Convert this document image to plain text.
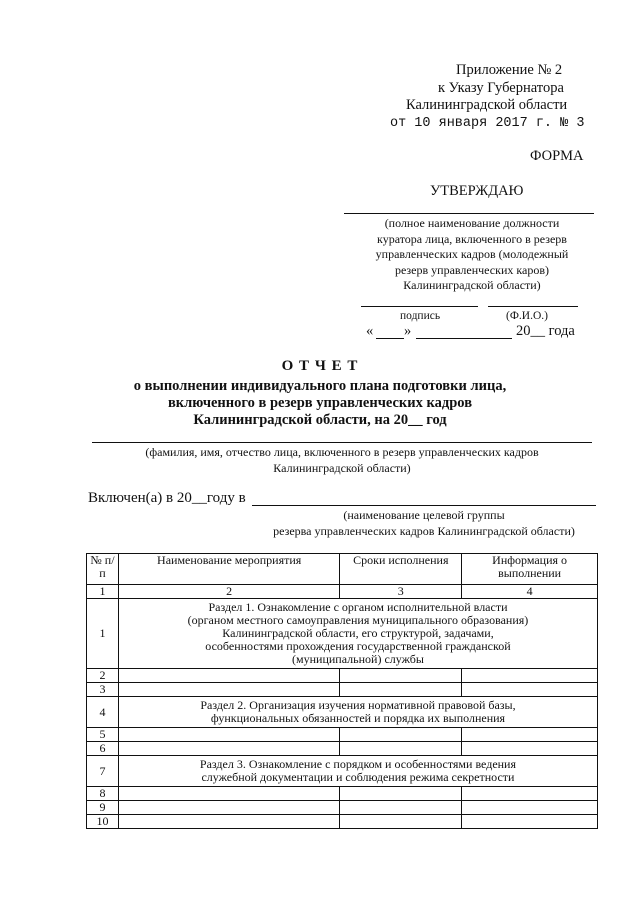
Приложение № 2
к Указу Губернатора
Калининградской области
от 10 января 2017 г. № 3
ФОРМА
УТВЕРЖДАЮ
(полное наименование должности
куратора лица, включенного в резерв
управленческих кадров (молодежный
резерв управленческих каров)
Калининградской области)
подпись	(Ф.И.О.)
« »	20__ года
О Т Ч Е Т
о выполнении индивидуального плана подготовки лица,
включенного в резерв управленческих кадров
Калининградской области, на 20__ год
(фамилия, имя, отчество лица, включенного в резерв управленческих кадров
Калининградской области)
Включен(а) в 20__году в
(наименование целевой группы
резерва управленческих кадров Калининградской области)
№ п/п	Наименование мероприятия	Сроки исполнения	Информация о выполнении
1	2	3	4
1	Раздел 1. Ознакомление с органом исполнительной власти
(органом местного самоуправления муниципального образования)
Калининградской области, его структурой, задачами,
особенностями прохождения государственной гражданской
(муниципальной) службы		

2			
3			
4	Раздел 2. Организация изучения нормативной правовой базы,
функциональных обязанностей и порядка их выполнения		

5			
6			
7	Раздел 3. Ознакомление с порядком и особенностями ведения
служебной документации и соблюдения режима секретности		

8			
9			
10			
